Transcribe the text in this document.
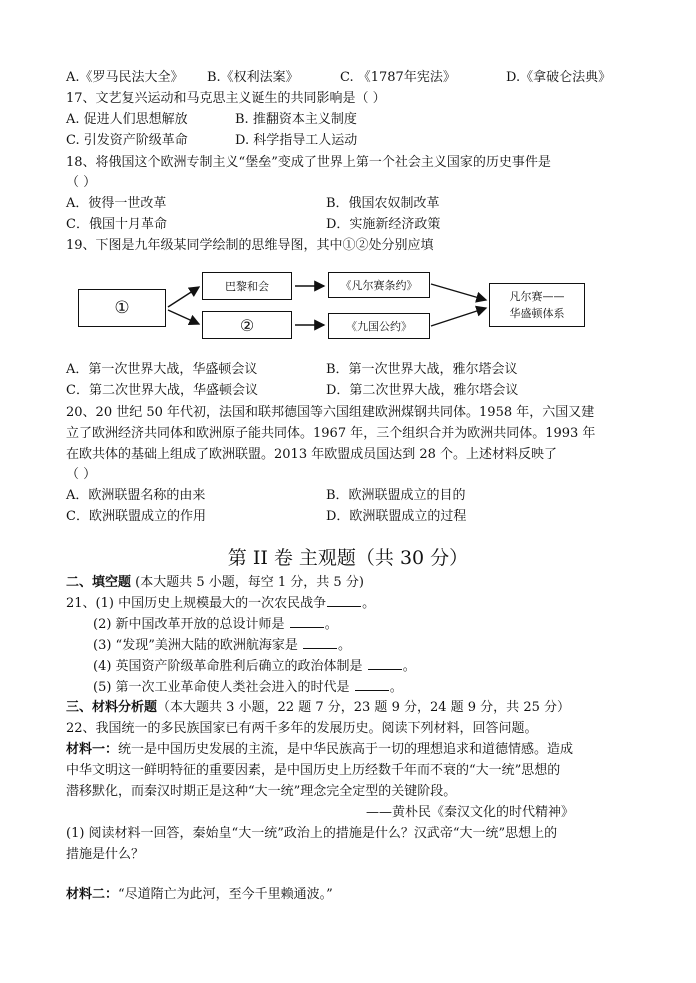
A.《罗马民法大全》 B.《权利法案》	C. 《1787年宪法》	D.《拿破仑法典》
17、文艺复兴运动和马克思主义诞生的共同影响是（ ）
A. 促进人们思想解放	B. 推翻资本主义制度
C. 引发资产阶级革命	D. 科学指导工人运动
18、将俄国这个欧洲专制主义“堡垒”变成了世界上第一个社会主义国家的历史事件是
（ ）
A．彼得一世改革	B．俄国农奴制改革
C．俄国十月革命	D．实施新经济政策
19、下图是九年级某同学绘制的思维导图，其中①②处分别应填
①
巴黎和会
②
《凡尔赛条约》
《九国公约》
凡尔赛——
华盛顿体系
A．第一次世界大战，华盛顿会议	B．第一次世界大战，雅尔塔会议
C．第二次世界大战，华盛顿会议	D．第二次世界大战，雅尔塔会议
20、20 世纪 50 年代初，法国和联邦德国等六国组建欧洲煤钢共同体。1958 年，六国又建
立了欧洲经济共同体和欧洲原子能共同体。1967 年，三个组织合并为欧洲共同体。1993 年
在欧共体的基础上组成了欧洲联盟。2013 年欧盟成员国达到 28 个。上述材料反映了
（ ）
A．欧洲联盟名称的由来	B．欧洲联盟成立的目的
C．欧洲联盟成立的作用	D．欧洲联盟成立的过程
第 II 卷 主观题（共 30 分）
二、填空题 (本大题共 5 小题，每空 1 分，共 5 分)
21、(1) 中国历史上规模最大的一次农民战争	。
(2) 新中国改革开放的总设计师是	。
(3) “发现”美洲大陆的欧洲航海家是	。
(4) 英国资产阶级革命胜利后确立的政治体制是	。
(5) 第一次工业革命使人类社会进入的时代是	。
三、材料分析题（本大题共 3 小题，22 题 7 分，23 题 9 分，24 题 9 分，共 25 分）
22、我国统一的多民族国家已有两千多年的发展历史。阅读下列材料，回答问题。
材料一：统一是中国历史发展的主流，是中华民族高于一切的理想追求和道德情感。造成
中华文明这一鲜明特征的重要因素，是中国历史上历经数千年而不衰的“大一统”思想的
潜移默化，而秦汉时期正是这种“大一统”理念完全定型的关键阶段。
——黄朴民《秦汉文化的时代精神》
(1) 阅读材料一回答，秦始皇“大一统”政治上的措施是什么？汉武帝“大一统”思想上的
措施是什么？
材料二：“尽道隋亡为此河，至今千里赖通波。”
